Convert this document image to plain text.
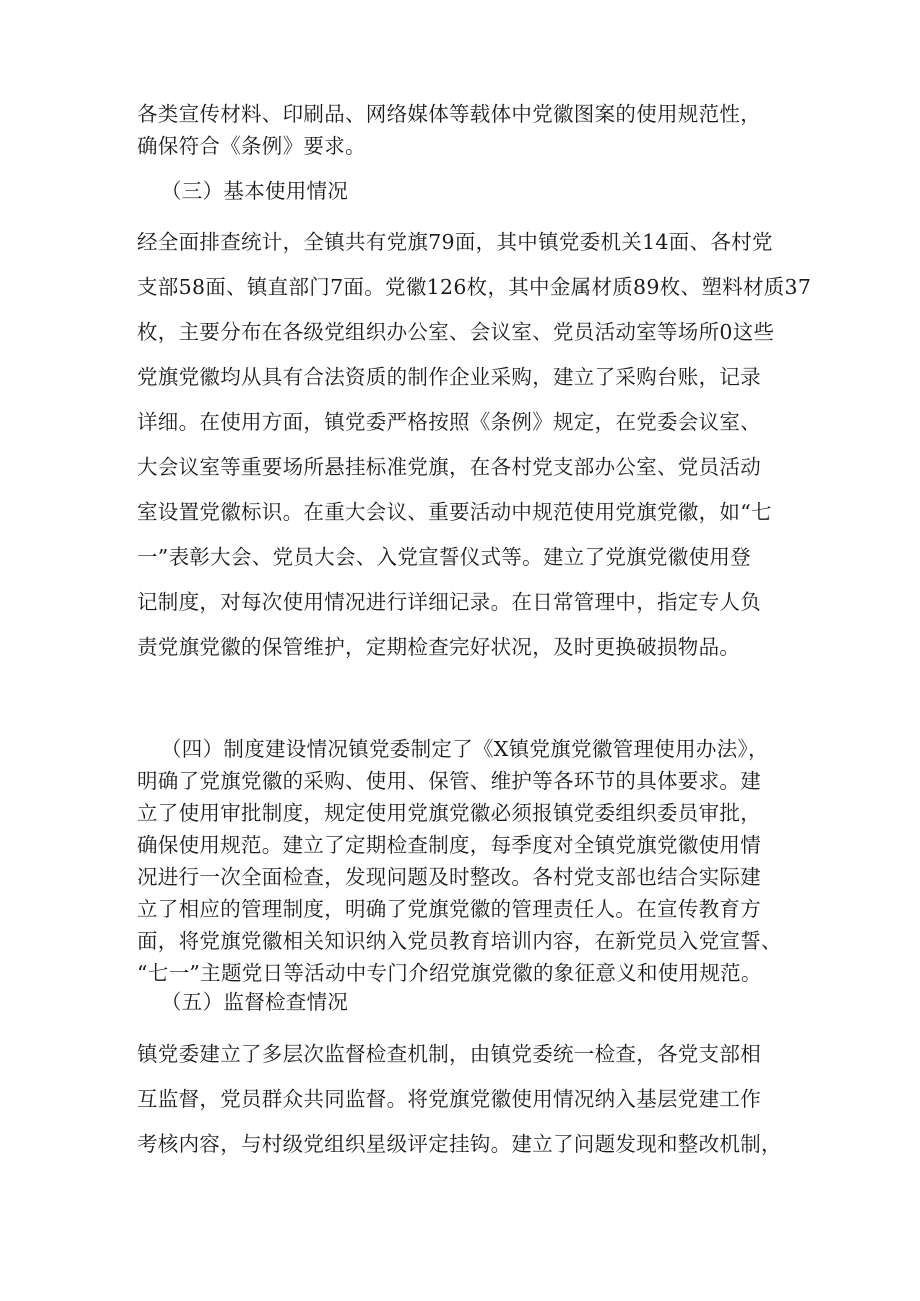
各类宣传材料、印刷品、网络媒体等载体中党徽图案的使用规范性，
确保符合《条例》要求。
（三）基本使用情况
经全面排查统计，全镇共有党旗79面，其中镇党委机关14面、各村党
支部58面、镇直部门7面。党徽126枚，其中金属材质89枚、塑料材质37
枚，主要分布在各级党组织办公室、会议室、党员活动室等场所0这些
党旗党徽均从具有合法资质的制作企业采购，建立了采购台账，记录
详细。在使用方面，镇党委严格按照《条例》规定，在党委会议室、
大会议室等重要场所悬挂标准党旗，在各村党支部办公室、党员活动
室设置党徽标识。在重大会议、重要活动中规范使用党旗党徽，如“七
一”表彰大会、党员大会、入党宣誓仪式等。建立了党旗党徽使用登
记制度，对每次使用情况进行详细记录。在日常管理中，指定专人负
责党旗党徽的保管维护，定期检查完好状况，及时更换破损物品。
（四）制度建设情况镇党委制定了《X镇党旗党徽管理使用办法》，
明确了党旗党徽的采购、使用、保管、维护等各环节的具体要求。建
立了使用审批制度，规定使用党旗党徽必须报镇党委组织委员审批，
确保使用规范。建立了定期检查制度，每季度对全镇党旗党徽使用情
况进行一次全面检查，发现问题及时整改。各村党支部也结合实际建
立了相应的管理制度，明确了党旗党徽的管理责任人。在宣传教育方
面，将党旗党徽相关知识纳入党员教育培训内容，在新党员入党宣誓、
“七一”主题党日等活动中专门介绍党旗党徽的象征意义和使用规范。
（五）监督检查情况
镇党委建立了多层次监督检查机制，由镇党委统一检查，各党支部相
互监督，党员群众共同监督。将党旗党徽使用情况纳入基层党建工作
考核内容，与村级党组织星级评定挂钩。建立了问题发现和整改机制，
